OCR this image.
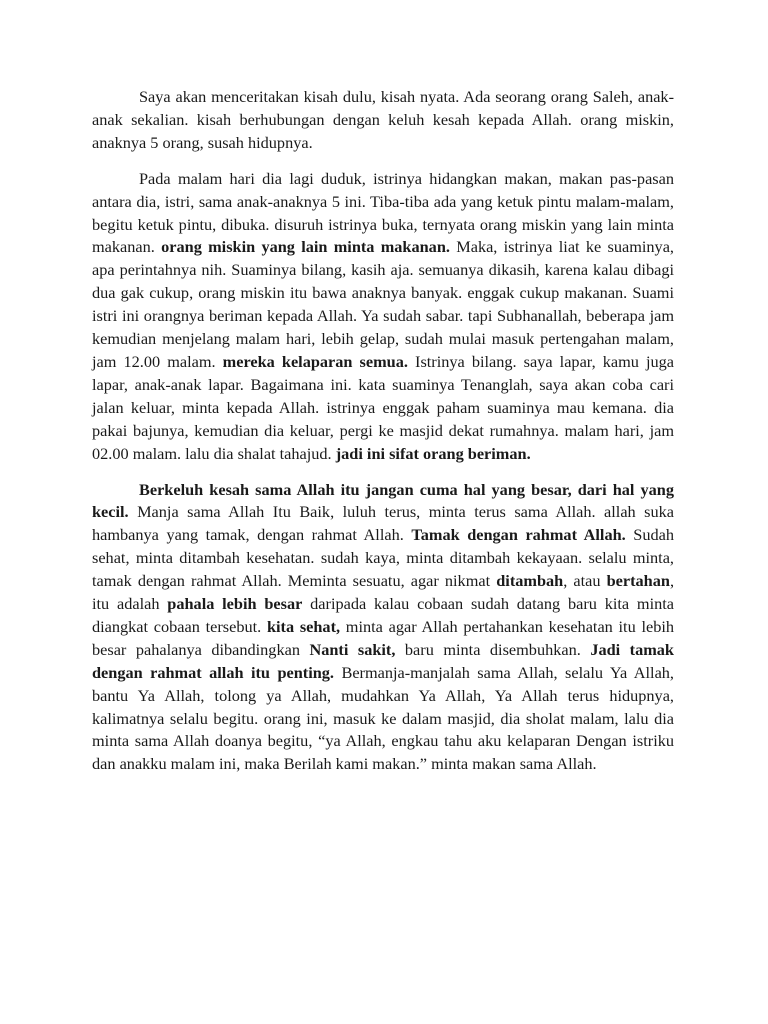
Saya akan menceritakan kisah dulu, kisah nyata. Ada seorang orang Saleh, anak-anak sekalian. kisah berhubungan dengan keluh kesah kepada Allah. orang miskin, anaknya 5 orang, susah hidupnya.

Pada malam hari dia lagi duduk, istrinya hidangkan makan, makan pas-pasan antara dia, istri, sama anak-anaknya 5 ini. Tiba-tiba ada yang ketuk pintu malam-malam, begitu ketuk pintu, dibuka. disuruh istrinya buka, ternyata orang miskin yang lain minta makanan. orang miskin yang lain minta makanan. Maka, istrinya liat ke suaminya, apa perintahnya nih. Suaminya bilang, kasih aja. semuanya dikasih, karena kalau dibagi dua gak cukup, orang miskin itu bawa anaknya banyak. enggak cukup makanan. Suami istri ini orangnya beriman kepada Allah. Ya sudah sabar. tapi Subhanallah, beberapa jam kemudian menjelang malam hari, lebih gelap, sudah mulai masuk pertengahan malam, jam 12.00 malam. mereka kelaparan semua. Istrinya bilang. saya lapar, kamu juga lapar, anak-anak lapar. Bagaimana ini. kata suaminya Tenanglah, saya akan coba cari jalan keluar, minta kepada Allah. istrinya enggak paham suaminya mau kemana. dia pakai bajunya, kemudian dia keluar, pergi ke masjid dekat rumahnya. malam hari, jam 02.00 malam. lalu dia shalat tahajud. jadi ini sifat orang beriman.

Berkeluh kesah sama Allah itu jangan cuma hal yang besar, dari hal yang kecil. Manja sama Allah Itu Baik, luluh terus, minta terus sama Allah. allah suka hambanya yang tamak, dengan rahmat Allah. Tamak dengan rahmat Allah. Sudah sehat, minta ditambah kesehatan. sudah kaya, minta ditambah kekayaan. selalu minta, tamak dengan rahmat Allah. Meminta sesuatu, agar nikmat ditambah, atau bertahan, itu adalah pahala lebih besar daripada kalau cobaan sudah datang baru kita minta diangkat cobaan tersebut. kita sehat, minta agar Allah pertahankan kesehatan itu lebih besar pahalanya dibandingkan Nanti sakit, baru minta disembuhkan. Jadi tamak dengan rahmat allah itu penting. Bermanja-manjalah sama Allah, selalu Ya Allah, bantu Ya Allah, tolong ya Allah, mudahkan Ya Allah, Ya Allah terus hidupnya, kalimatnya selalu begitu. orang ini, masuk ke dalam masjid, dia sholat malam, lalu dia minta sama Allah doanya begitu, “ya Allah, engkau tahu aku kelaparan Dengan istriku dan anakku malam ini, maka Berilah kami makan.” minta makan sama Allah.
